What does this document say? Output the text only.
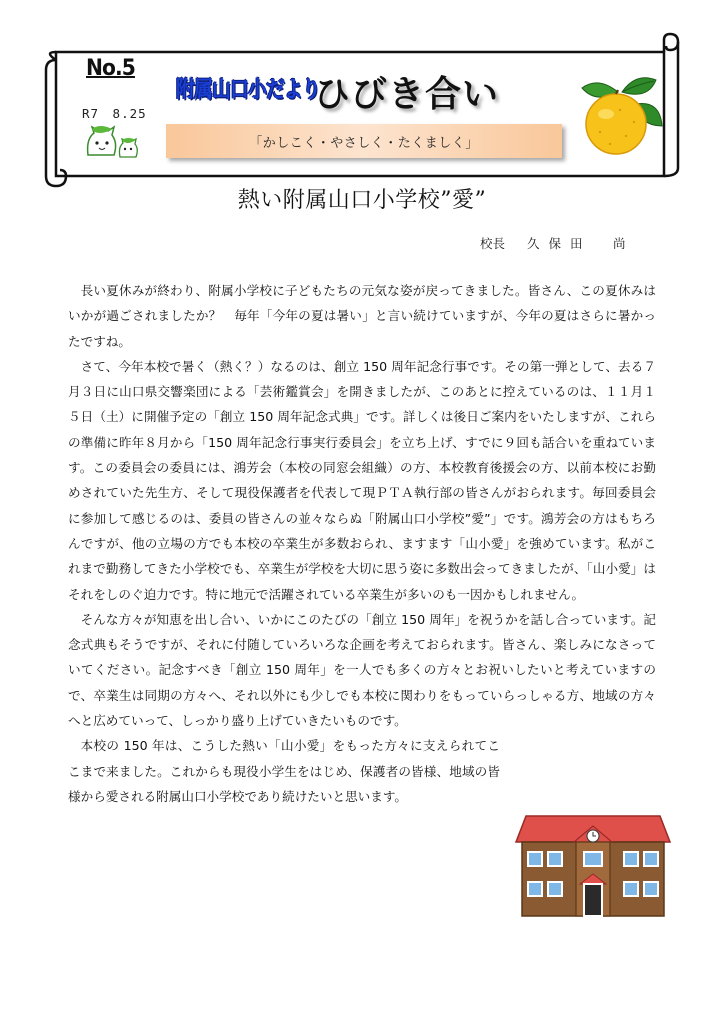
No.5
R7　8.25
附属山口小だより
ひびき合い
「かしこく・やさしく・たくましく」
熱い附属山口小学校”愛”
校長 久保田　尚

長い夏休みが終わり、附属小学校に子どもたちの元気な姿が戻ってきました。皆さん、この夏休みはいかが過ごされましたか？　毎年「今年の夏は暑い」と言い続けていますが、今年の夏はさらに暑かったですね。

さて、今年本校で暑く（熱く？）なるのは、創立 150 周年記念行事です。その第一弾として、去る７月３日に山口県交響楽団による「芸術鑑賞会」を開きましたが、このあとに控えているのは、１１月１５日（土）に開催予定の「創立 150 周年記念式典」です。詳しくは後日ご案内をいたしますが、これらの準備に昨年８月から「150 周年記念行事実行委員会」を立ち上げ、すでに９回も話合いを重ねています。この委員会の委員には、鴻芳会（本校の同窓会組織）の方、本校教育後援会の方、以前本校にお勤めされていた先生方、そして現役保護者を代表して現ＰＴＡ執行部の皆さんがおられます。毎回委員会に参加して感じるのは、委員の皆さんの並々ならぬ「附属山口小学校”愛”」です。鴻芳会の方はもちろんですが、他の立場の方でも本校の卒業生が多数おられ、ますます「山小愛」を強めています。私がこれまで勤務してきた小学校でも、卒業生が学校を大切に思う姿に多数出会ってきましたが、「山小愛」はそれをしのぐ迫力です。特に地元で活躍されている卒業生が多いのも一因かもしれません。

そんな方々が知恵を出し合い、いかにこのたびの「創立 150 周年」を祝うかを話し合っています。記念式典もそうですが、それに付随していろいろな企画を考えておられます。皆さん、楽しみになさっていてください。記念すべき「創立 150 周年」を一人でも多くの方々とお祝いしたいと考えていますので、卒業生は同期の方々へ、それ以外にも少しでも本校に関わりをもっていらっしゃる方、地域の方々へと広めていって、しっかり盛り上げていきたいものです。

本校の 150 年は、こうした熱い「山小愛」をもった方々に支えられてここまで来ました。これからも現役小学生をはじめ、保護者の皆様、地域の皆様から愛される附属山口小学校であり続けたいと思います。
